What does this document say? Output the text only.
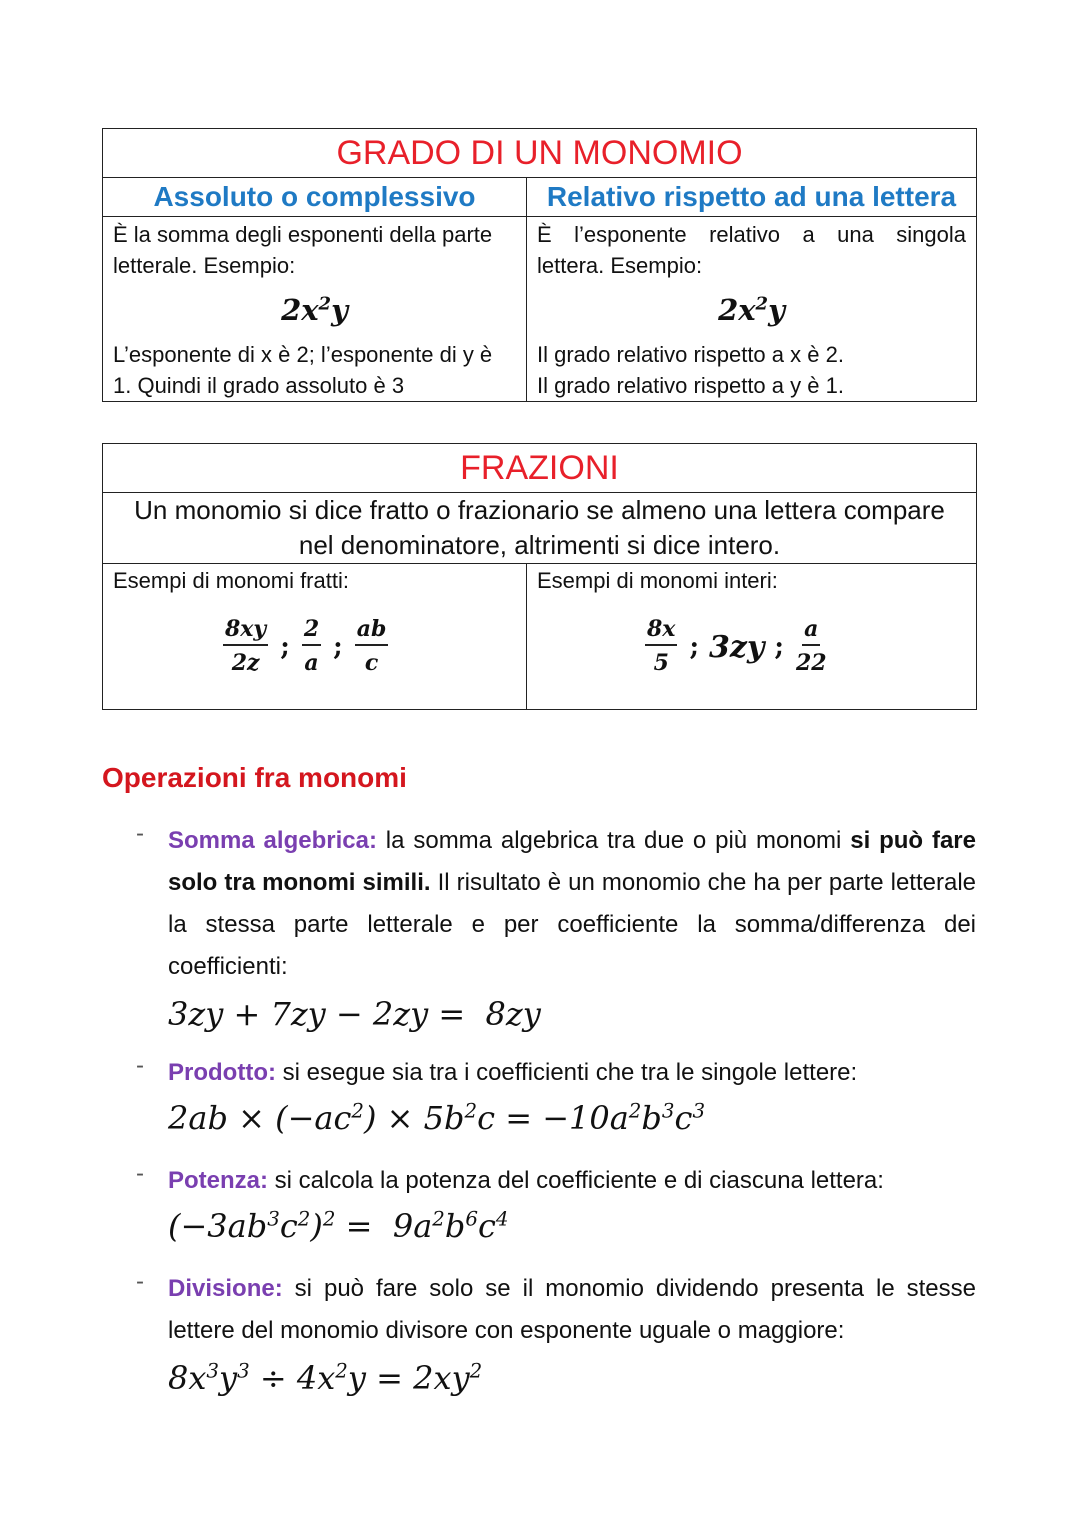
GRADO DI UN MONOMIO
Assoluto o complessivo	Relativo rispetto ad una lettera
È la somma degli esponenti della parte
letterale. Esempio:
$2x^2y$
L’esponente di x è 2; l’esponente di y è
1. Quindi il grado assoluto è 3
È l’esponente relativo a una singola
lettera. Esempio:
$2x^2y$
Il grado relativo rispetto a x è 2.
Il grado relativo rispetto a y è 1.
FRAZIONI
Un monomio si dice fratto o frazionario se almeno una lettera compare
nel denominatore, altrimenti si dice intero.
Esempi di monomi fratti:
$\frac{8xy}{2z}$ ; $\frac{2}{a}$ ; $\frac{ab}{c}$
Esempi di monomi interi:
$\frac{8x}{5}$ ; 3zy ; $\frac{a}{22}$
Operazioni fra monomi
- Somma algebrica: la somma algebrica tra due o più monomi si può fare solo tra monomi simili. Il risultato è un monomio che ha per parte letterale la stessa parte letterale e per coefficiente la somma/differenza dei coefficienti:
3zy + 7zy − 2zy =  8zy
- Prodotto: si esegue sia tra i coefficienti che tra le singole lettere:
$2ab \times (-ac^2) \times 5b^2c = -10a^2b^3c^3$
- Potenza: si calcola la potenza del coefficiente e di ciascuna lettera:
$(-3ab^3c^2)^2 = 9a^2b^6c^4$
- Divisione: si può fare solo se il monomio dividendo presenta le stesse lettere del monomio divisore con esponente uguale o maggiore:
$8x^3y^3 \div 4x^2y = 2xy^2$
